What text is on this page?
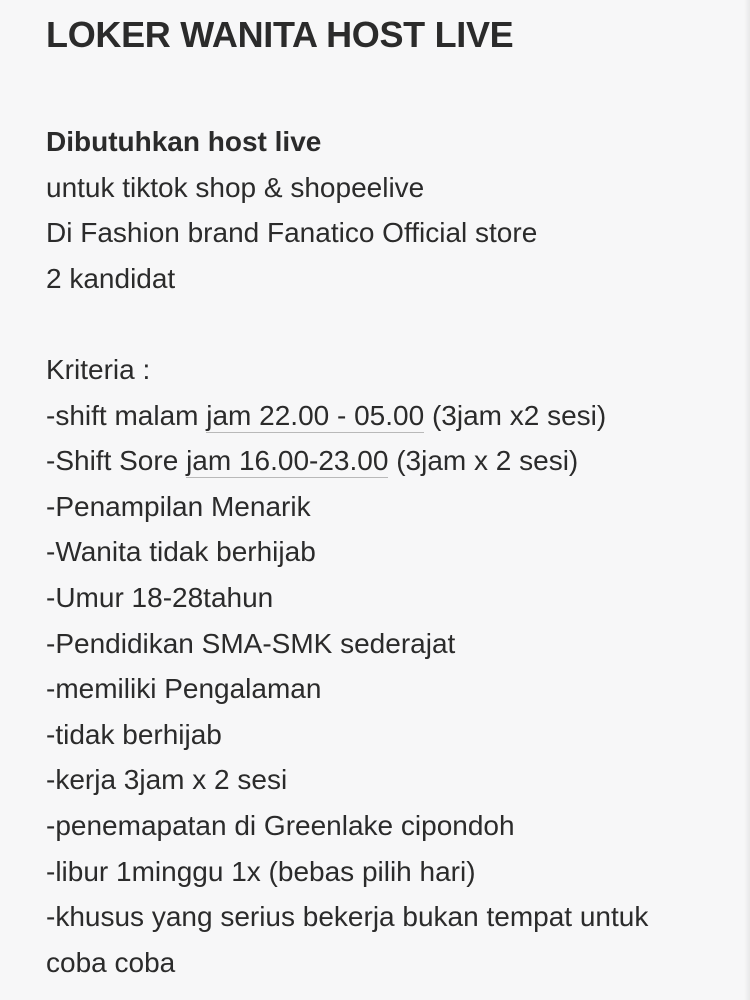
LOKER WANITA HOST LIVE
Dibutuhkan host live
untuk tiktok shop & shopeelive
Di Fashion brand Fanatico Official store
2 kandidat
Kriteria :
-shift malam jam 22.00 - 05.00 (3jam x2 sesi)
-Shift Sore jam 16.00-23.00 (3jam x 2 sesi)
-Penampilan Menarik
-Wanita tidak berhijab
-Umur 18-28tahun
-Pendidikan SMA-SMK sederajat
-memiliki Pengalaman
-tidak berhijab
-kerja 3jam x 2 sesi
-penemapatan di Greenlake cipondoh
-libur 1minggu 1x (bebas pilih hari)
-khusus yang serius bekerja bukan tempat untuk
coba coba
